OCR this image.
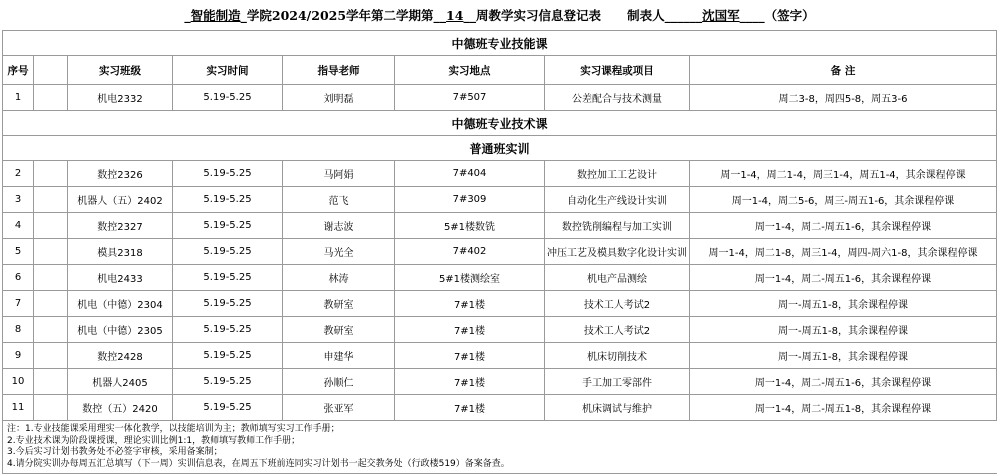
_智能制造_学院2024/2025学年第二学期第__14__周教学实习信息登记表 制表人______沈国军____（签字）							
中德班专业技能课							
序号		实习班级	实习时间	指导老师	实习地点	实习课程或项目	备 注
1		机电2332	5.19-5.25	刘明磊	7#507	公差配合与技术测量	周二3-8，周四5-8，周五3-6
中德班专业技术课							
普通班实训							
2		数控2326	5.19-5.25	马阿娟	7#404	数控加工工艺设计	周一1-4，周二1-4，周三1-4，周五1-4，其余课程停课
3		机器人（五）2402	5.19-5.25	范飞	7#309	自动化生产线设计实训	周一1-4，周二5-6，周三-周五1-6，其余课程停课
4		数控2327	5.19-5.25	谢志波	5#1楼数铣	数控铣削编程与加工实训	周一1-4，周二-周五1-6，其余课程停课
5		模具2318	5.19-5.25	马光全	7#402	冲压工艺及模具数字化设计实训	周一1-4，周二1-8，周三1-4，周四-周六1-8，其余课程停课
6		机电2433	5.19-5.25	林涛	5#1楼测绘室	机电产品测绘	周一1-4，周二-周五1-6，其余课程停课
7		机电（中德）2304	5.19-5.25	教研室	7#1楼	技术工人考试2	周一-周五1-8，其余课程停课
8		机电（中德）2305	5.19-5.25	教研室	7#1楼	技术工人考试2	周一-周五1-8，其余课程停课
9		数控2428	5.19-5.25	申建华	7#1楼	机床切削技术	周一-周五1-8，其余课程停课
10		机器人2405	5.19-5.25	孙顺仁	7#1楼	手工加工零部件	周一1-4，周二-周五1-6，其余课程停课
11		数控（五）2420	5.19-5.25	张亚军	7#1楼	机床调试与维护	周一1-4，周二-周五1-8，其余课程停课

注：1.专业技能课采用理实一体化教学，以技能培训为主；教师填写实习工作手册；
2.专业技术课为阶段课授课，理论实训比例1:1，教师填写教师工作手册；
3.今后实习计划书教务处不必签字审核，采用备案制；
4.请分院实训办每周五汇总填写（下一周）实训信息表，在周五下班前连同实习计划书一起交教务处（行政楼519）备案备查。							
